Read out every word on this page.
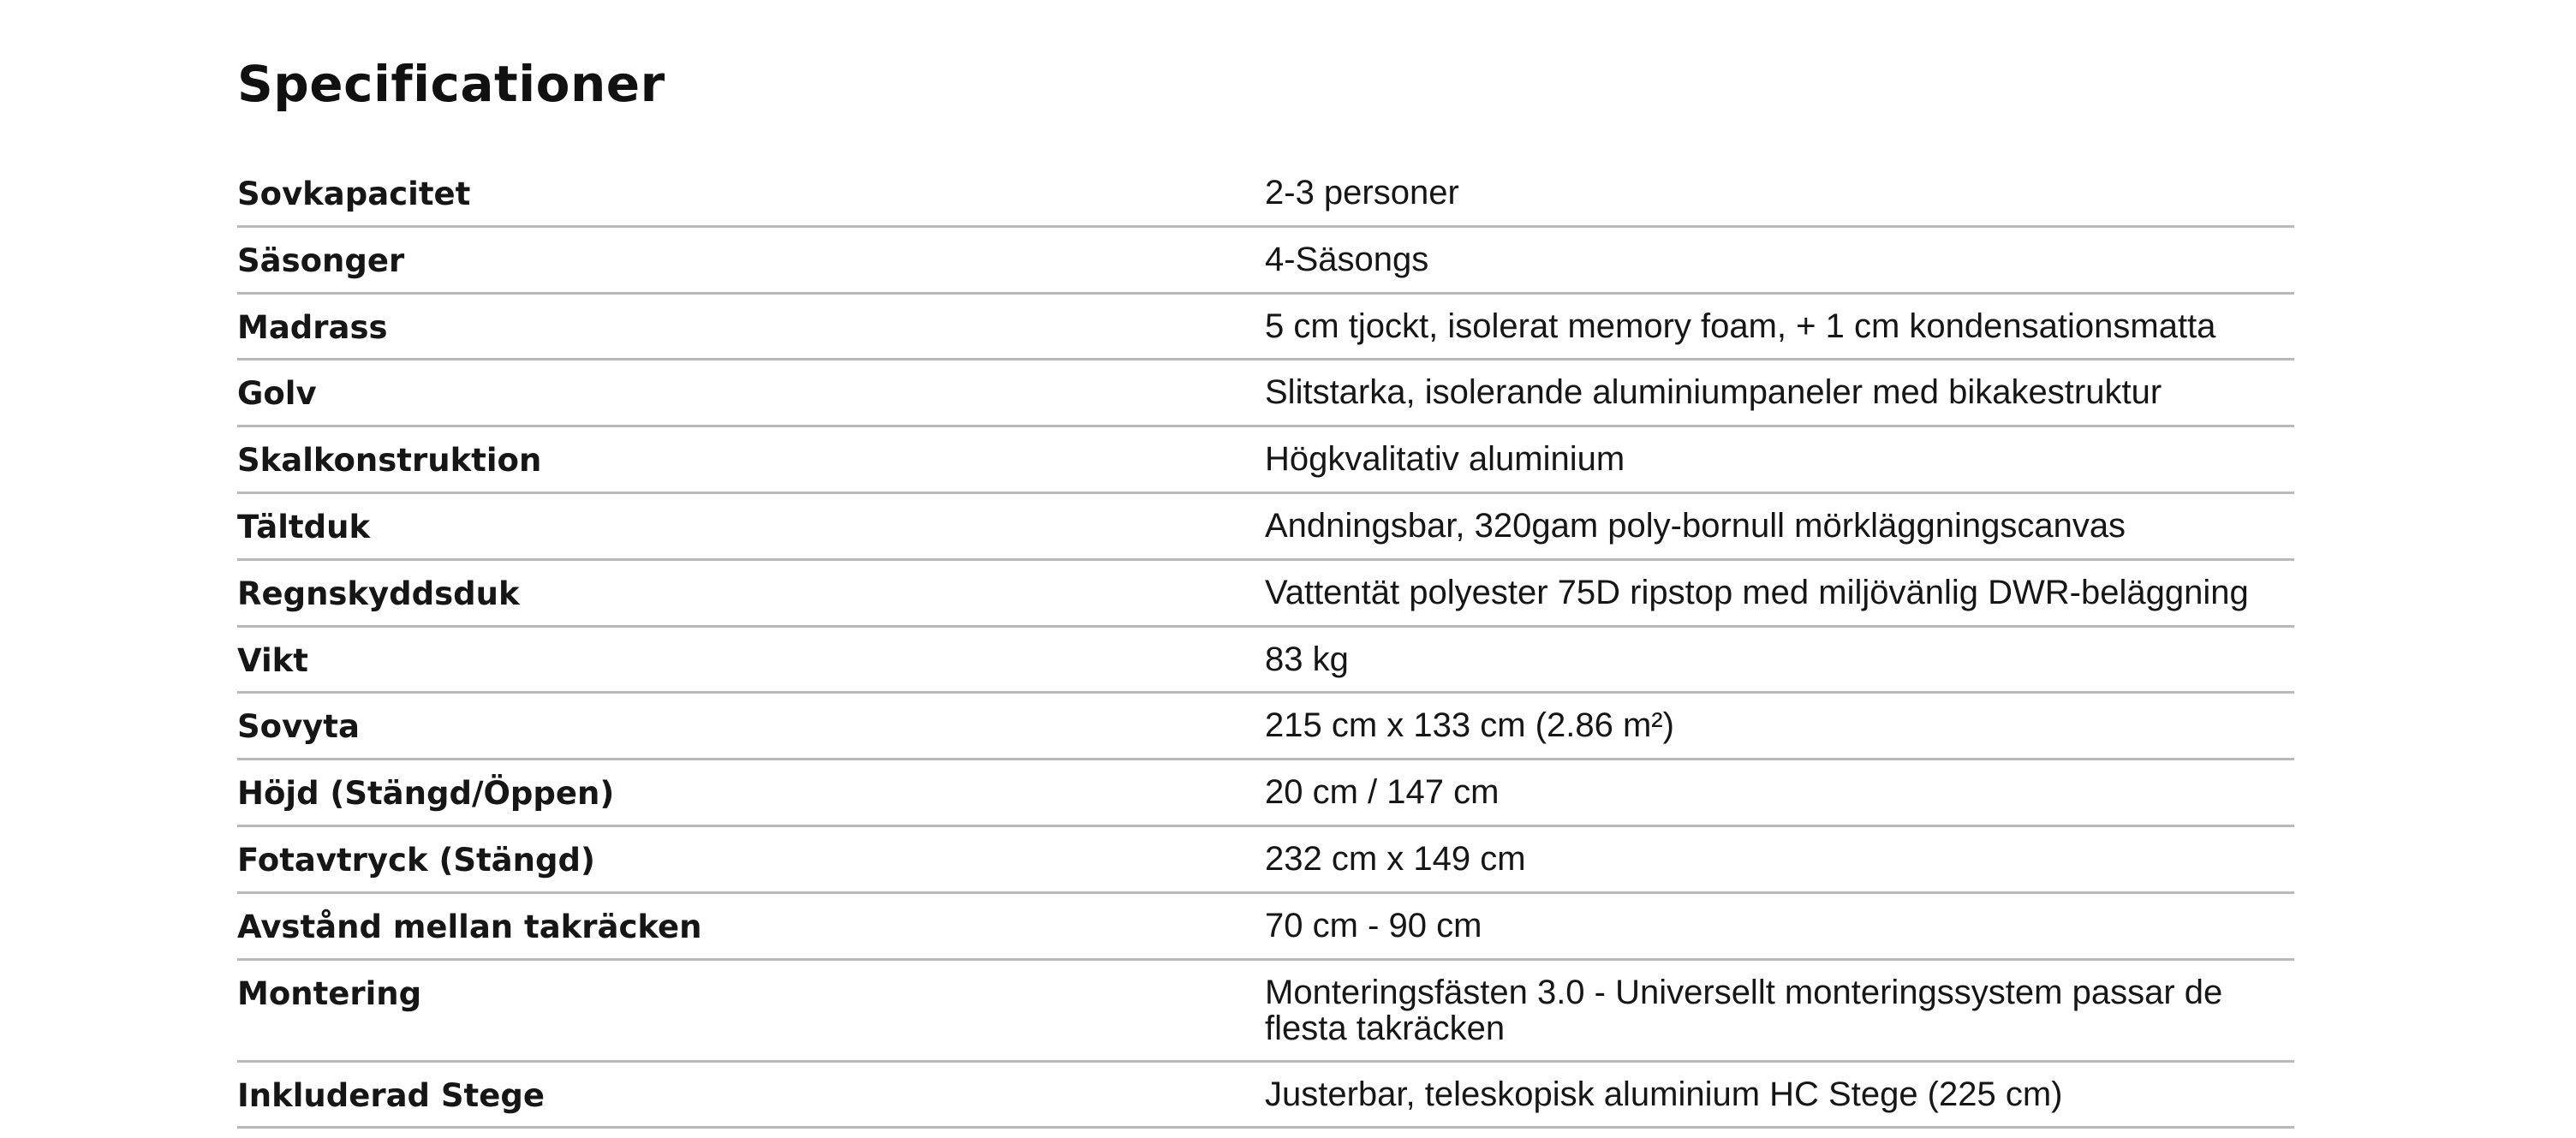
Specificationer
Sovkapacitet	2-3 personer
Säsonger	4-Säsongs
Madrass	5 cm tjockt, isolerat memory foam, + 1 cm kondensationsmatta
Golv	Slitstarka, isolerande aluminiumpaneler med bikakestruktur
Skalkonstruktion	Högkvalitativ aluminium
Tältduk	Andningsbar, 320gam poly-bornull mörkläggningscanvas
Regnskyddsduk	Vattentät polyester 75D ripstop med miljövänlig DWR-beläggning
Vikt	83 kg
Sovyta	215 cm x 133 cm (2.86 m²)
Höjd (Stängd/Öppen)	20 cm / 147 cm
Fotavtryck (Stängd)	232 cm x 149 cm
Avstånd mellan takräcken	70 cm - 90 cm
Montering	Monteringsfästen 3.0 - Universellt monteringssystem passar de flesta takräcken
Inkluderad Stege	Justerbar, teleskopisk aluminium HC Stege (225 cm)
